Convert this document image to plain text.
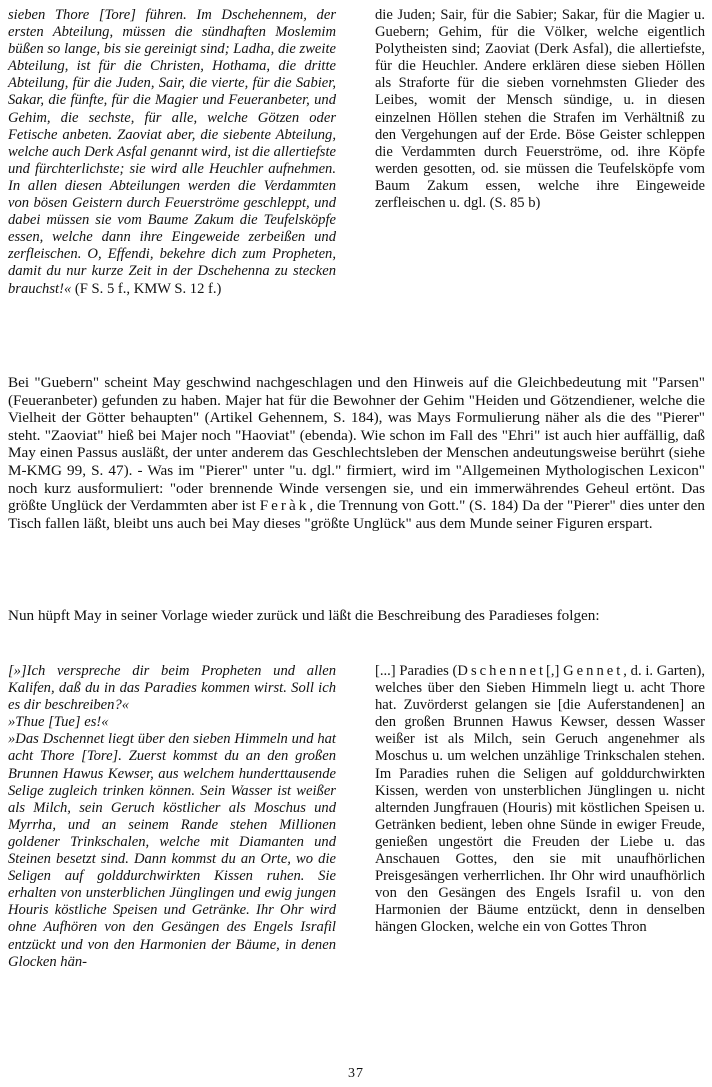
sieben Thore [Tore] führen. Im Dschehennem, der ersten Abteilung, müssen die sündhaften Moslemim büßen so lange, bis sie gereinigt sind; Ladha, die zweite Abteilung, ist für die Christen, Hothama, die dritte Abteilung, für die Juden, Sair, die vierte, für die Sabier, Sakar, die fünfte, für die Magier und Feueranbeter, und Gehim, die sechste, für alle, welche Götzen oder Fetische anbeten. Zaoviat aber, die siebente Abteilung, welche auch Derk Asfal genannt wird, ist die allertiefste und fürchterlichste; sie wird alle Heuchler aufnehmen. In allen diesen Abteilungen werden die Verdammten von bösen Geistern durch Feuerströme geschleppt, und dabei müssen sie vom Baume Zakum die Teufelsköpfe essen, welche dann ihre Eingeweide zerbeißen und zerfleischen. O, Effendi, bekehre dich zum Propheten, damit du nur kurze Zeit in der Dschehenna zu stecken brauchst!« (F S. 5 f., KMW S. 12 f.)

die Juden; Sair, für die Sabier; Sakar, für die Magier u. Guebern; Gehim, für die Völker, welche eigentlich Polytheisten sind; Zaoviat (Derk Asfal), die allertiefste, für die Heuchler. Andere erklären diese sieben Höllen als Straforte für die sieben vornehmsten Glieder des Leibes, womit der Mensch sündige, u. in diesen einzelnen Höllen stehen die Strafen im Verhältniß zu den Vergehungen auf der Erde. Böse Geister schleppen die Verdammten durch Feuerströme, od. ihre Köpfe werden gesotten, od. sie müssen die Teufelsköpfe vom Baum Zakum essen, welche ihre Eingeweide zerfleischen u. dgl. (S. 85 b)

Bei "Guebern" scheint May geschwind nachgeschlagen und den Hinweis auf die Gleichbedeutung mit "Parsen" (Feueranbeter) gefunden zu haben. Majer hat für die Bewohner der Gehim "Heiden und Götzendiener, welche die Vielheit der Götter behaupten" (Artikel Gehennem, S. 184), was Mays Formulierung näher als die des "Pierer" steht. "Zaoviat" hieß bei Majer noch "Haoviat" (ebenda). Wie schon im Fall des "Ehri" ist auch hier auffällig, daß May einen Passus ausläßt, der unter anderem das Geschlechtsleben der Menschen andeutungsweise berührt (siehe M-KMG 99, S. 47). - Was im "Pierer" unter "u. dgl." firmiert, wird im "Allgemeinen Mythologischen Lexicon" noch kurz ausformuliert: "oder brennende Winde versengen sie, und ein immerwährendes Geheul ertönt. Das größte Unglück der Verdammten aber ist Feràk, die Trennung von Gott." (S. 184) Da der "Pierer" dies unter den Tisch fallen läßt, bleibt uns auch bei May dieses "größte Unglück" aus dem Munde seiner Figuren erspart.

Nun hüpft May in seiner Vorlage wieder zurück und läßt die Beschreibung des Paradieses folgen:

[»]Ich verspreche dir beim Propheten und allen Kalifen, daß du in das Paradies kommen wirst. Soll ich es dir beschreiben?«

»Thue [Tue] es!«

»Das Dschennet liegt über den sieben Himmeln und hat acht Thore [Tore]. Zuerst kommst du an den großen Brunnen Hawus Kewser, aus welchem hunderttausende Selige zugleich trinken können. Sein Wasser ist weißer als Milch, sein Geruch köstlicher als Moschus und Myrrha, und an seinem Rande stehen Millionen goldener Trinkschalen, welche mit Diamanten und Steinen besetzt sind. Dann kommst du an Orte, wo die Seligen auf golddurchwirkten Kissen ruhen. Sie erhalten von unsterblichen Jünglingen und ewig jungen Houris köstliche Speisen und Getränke. Ihr Ohr wird ohne Aufhören von den Gesängen des Engels Israfil entzückt und von den Harmonien der Bäume, in denen Glocken hän-

[...] Paradies (Dschennet[,] Gennet, d. i. Garten), welches über den Sieben Himmeln liegt u. acht Thore hat. Zuvörderst gelangen sie [die Auferstandenen] an den großen Brunnen Hawus Kewser, dessen Wasser weißer ist als Milch, sein Geruch angenehmer als Moschus u. um welchen unzählige Trinkschalen stehen. Im Paradies ruhen die Seligen auf golddurchwirkten Kissen, werden von unsterblichen Jünglingen u. nicht alternden Jungfrauen (Houris) mit köstlichen Speisen u. Getränken bedient, leben ohne Sünde in ewiger Freude, genießen ungestört die Freuden der Liebe u. das Anschauen Gottes, den sie mit unaufhörlichen Preisgesängen verherrlichen. Ihr Ohr wird unaufhörlich von den Gesängen des Engels Israfil u. von den Harmonien der Bäume entzückt, denn in denselben hängen Glocken, welche ein von Gottes Thron

37
